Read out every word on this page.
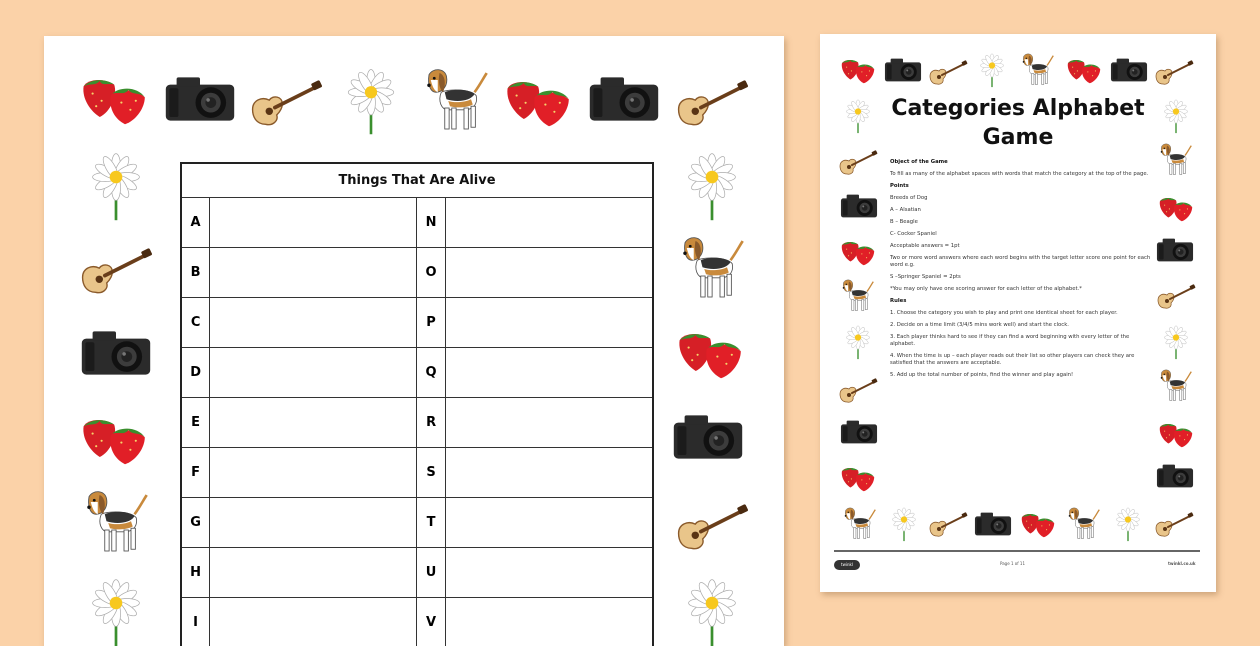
Things That Are Alive			
A		N	
B		O	
C		P	
D		Q	
E		R	
F		S	
G		T	
H		U	
I		V	
Categories Alphabet Game

Object of the Game

To fill as many of the alphabet spaces with words that match the category at the top of the page.

Points

Breeds of Dog

A – Alsatian

B – Beagle

C- Cocker Spaniel

Acceptable answers = 1pt

Two or more word answers where each word begins with the target letter score one point for each word e.g.

S –Springer Spaniel = 2pts

*You may only have one scoring answer for each letter of the alphabet.*

Rules

1. Choose the category you wish to play and print one identical sheet for each player.

2. Decide on a time limit (3/4/5 mins work well) and start the clock.

3. Each player thinks hard to see if they can find a word beginning with every letter of the alphabet.

4. When the time is up – each player reads out their list so other players can check they are satisfied that the answers are acceptable.

5. Add up the total number of points, find the winner and play again!

twinkl	Page 1 of 11	twinkl.co.uk
